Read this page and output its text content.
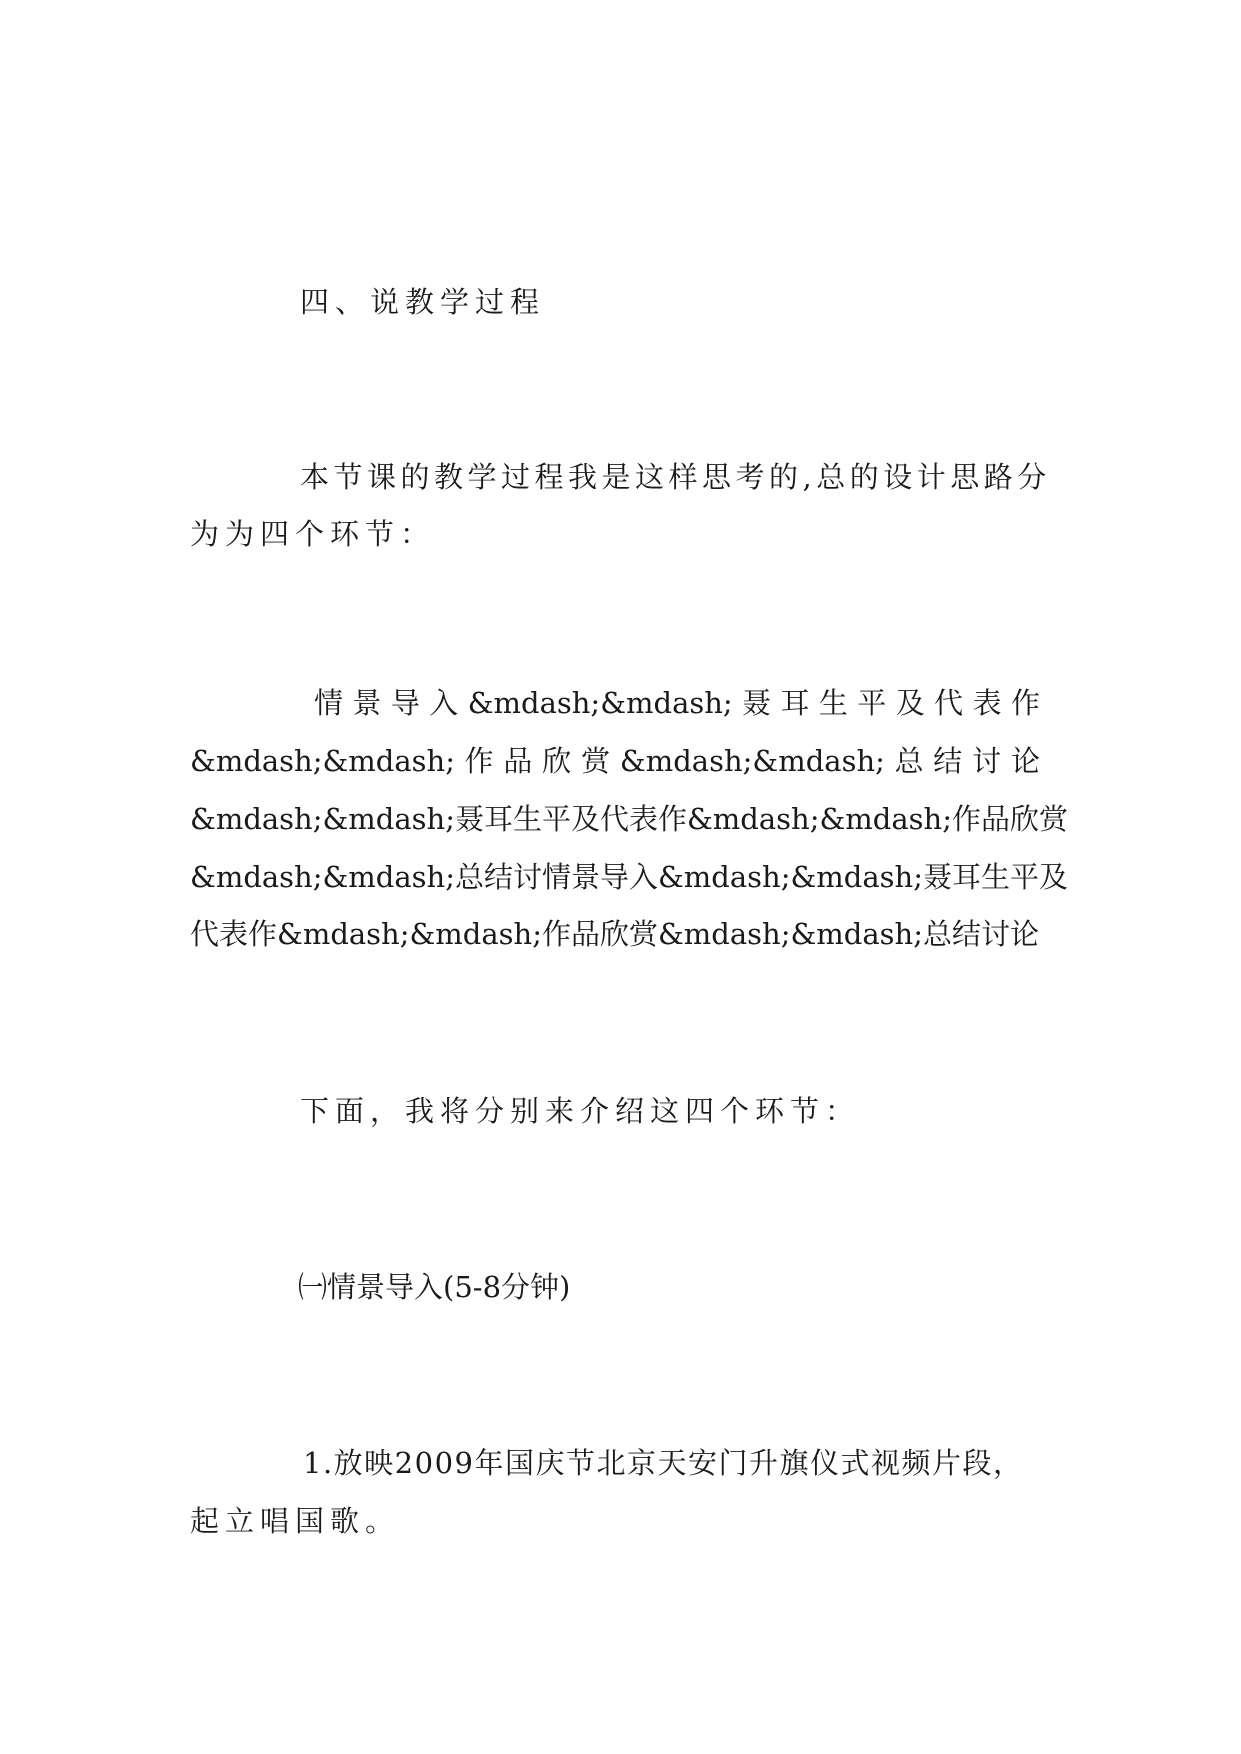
四、说教学过程
本节课的教学过程我是这样思考的,总的设计思路分
为为四个环节：
情 景 导 入 &mdash;&mdash; 聂 耳 生 平 及 代 表 作
&mdash;&mdash; 作 品 欣 赏 &mdash;&mdash; 总 结 讨 论
&mdash;&mdash;聂耳生平及代表作&mdash;&mdash;作品欣赏
&mdash;&mdash;总结讨情景导入&mdash;&mdash;聂耳生平及
代表作&mdash;&mdash;作品欣赏&mdash;&mdash;总结讨论
下面，我将分别来介绍这四个环节：
㈠情景导入(5-8分钟)
1.放映2009年国庆节北京天安门升旗仪式视频片段，
起立唱国歌。
